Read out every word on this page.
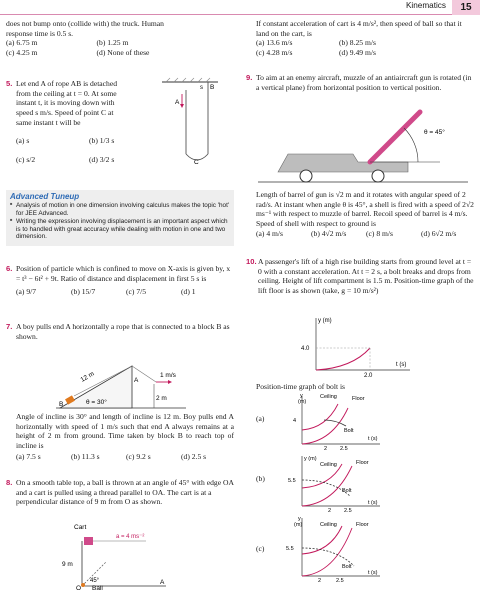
Kinematics	15
does not bump onto (collide with) the truck. Human response time is 0.5 s.
(a) 6.75 m	(b) 1.25 m
(c) 4.25 m	(d) None of these
5. Let end A of rope AB is detached from the ceiling at t = 0. At some instant t, it is moving down with speed s m/s. Speed of point C at same instant t will be
(a) s	(b) 1/3 s
(c) s/2	(d) 3/2 s
s
A
B
C
Advanced Tuneup
■ Analysis of motion in one dimension involving calculus makes the topic 'hot' for JEE Advanced.
■ Writing the expression involving displacement is an important aspect which is to handled with great accuracy while dealing with motion in one and two dimension.
6. Position of particle which is confined to move on X-axis is given by, x = t³ − 6t² + 9t. Ratio of distance and displacement in first 5 s is
(a) 9/7	(b) 15/7	(c) 7/5	(d) 1
7. A boy pulls end A horizontally a rope that is connected to a block B as shown.
12 m
B	θ = 30°
A
1 m/s
2 m
Angle of incline is 30° and length of incline is 12 m. Boy pulls end A horizontally with speed of 1 m/s such that end A always remains at a height of 2 m from ground. Time taken by block B to reach top of incline is
(a) 7.5 s	(b) 11.3 s	(c) 9.2 s	(d) 2.5 s
8. On a smooth table top, a ball is thrown at an angle of 45° with edge OA and a cart is pulled using a thread parallel to OA. The cart is at a perpendicular distance of 9 m from O as shown.
Cart
a = 4 ms⁻²
9 m
45°
O Ball
A
If constant acceleration of cart is 4 m/s², then speed of ball so that it land on the cart, is
(a) 13.6 m/s	(b) 8.25 m/s
(c) 4.28 m/s	(d) 9.49 m/s
9. To aim at an enemy aircraft, muzzle of an antiaircraft gun is rotated (in a vertical plane) from horizontal position to vertical position.
θ = 45°
Length of barrel of gun is √2 m and it rotates with angular speed of 2 rad/s. At instant when angle θ is 45°, a shell is fired with a speed of 2√2 ms⁻¹ with respect to muzzle of barrel. Recoil speed of barrel is 4 m/s. Speed of shell with respect to ground is
(a) 4 m/s	(b) 4√2 m/s	(c) 8 m/s	(d) 6√2 m/s
10. A passenger's lift of a high rise building starts from ground level at t = 0 with a constant acceleration. At t = 2 s, a bolt breaks and drops from ceiling. Height of lift compartment is 1.5 m. Position-time graph of the lift floor is as shown (take, g = 10 m/s²)
y (m)
t (s)
4.0
2.0
Position-time graph of bolt is
(a)
y
(m)
t (s)
Ceiling	Floor
Bolt
4
2 2.5
(b)
y (m)
t (s)
Ceiling	Floor
Bolt
5.5
2 2.5
(c)
y
(m)
t (s)
Ceiling	Floor
Bolt
5.5
2	2.5
